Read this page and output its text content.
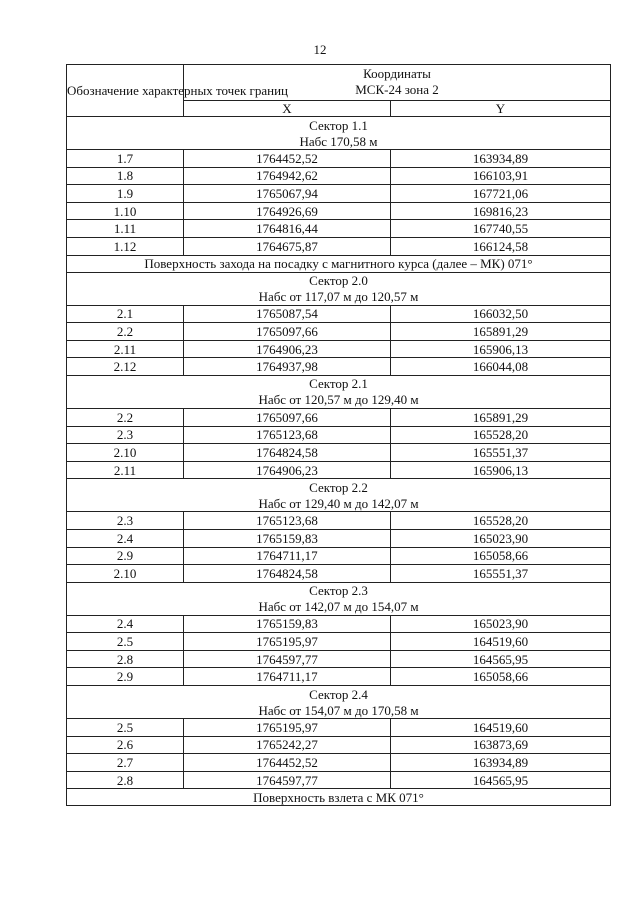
12
Обозначение характерных точек границ	Координаты
МСК-24 зона 2	

	X	Y
Сектор 1.1		
Набс 170,58 м		
1.7	1764452,52	163934,89
1.8	1764942,62	166103,91
1.9	1765067,94	167721,06
1.10	1764926,69	169816,23
1.11	1764816,44	167740,55
1.12	1764675,87	166124,58
Поверхность захода на посадку с магнитного курса (далее – МК) 071°		
Сектор 2.0		
Набс от 117,07 м до 120,57 м		
2.1	1765087,54	166032,50
2.2	1765097,66	165891,29
2.11	1764906,23	165906,13
2.12	1764937,98	166044,08
Сектор 2.1		
Набс от 120,57 м до 129,40 м		
2.2	1765097,66	165891,29
2.3	1765123,68	165528,20
2.10	1764824,58	165551,37
2.11	1764906,23	165906,13
Сектор 2.2		
Набс от 129,40 м до 142,07 м		
2.3	1765123,68	165528,20
2.4	1765159,83	165023,90
2.9	1764711,17	165058,66
2.10	1764824,58	165551,37
Сектор 2.3		
Набс от 142,07 м до 154,07 м		
2.4	1765159,83	165023,90
2.5	1765195,97	164519,60
2.8	1764597,77	164565,95
2.9	1764711,17	165058,66
Сектор 2.4		
Набс от 154,07 м до 170,58 м		
2.5	1765195,97	164519,60
2.6	1765242,27	163873,69
2.7	1764452,52	163934,89
2.8	1764597,77	164565,95
Поверхность взлета с МК 071°		
